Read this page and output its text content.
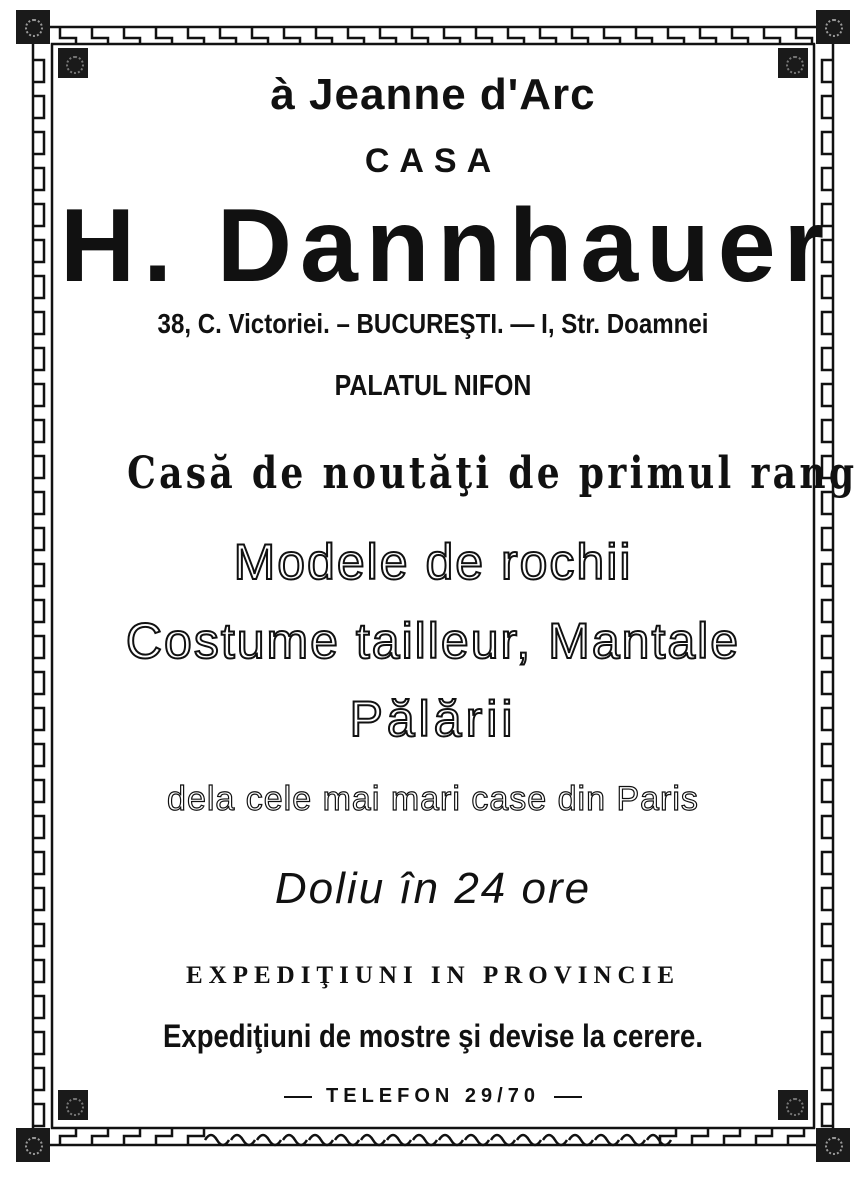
à Jeanne d'Arc
CASA
H. Dannhauer
38, C. Victoriei. – BUCUREŞTI. — I, Str. Doamnei
PALATUL NIFON
Casă de noutăţi de primul rang
Modele de rochii
Costume tailleur, Mantale
Pălării
dela cele mai mari case din Paris
Doliu în 24 ore
EXPEDIŢIUNI IN PROVINCIE
Expediţiuni de mostre şi devise la cerere.
TELEFON 29/70
